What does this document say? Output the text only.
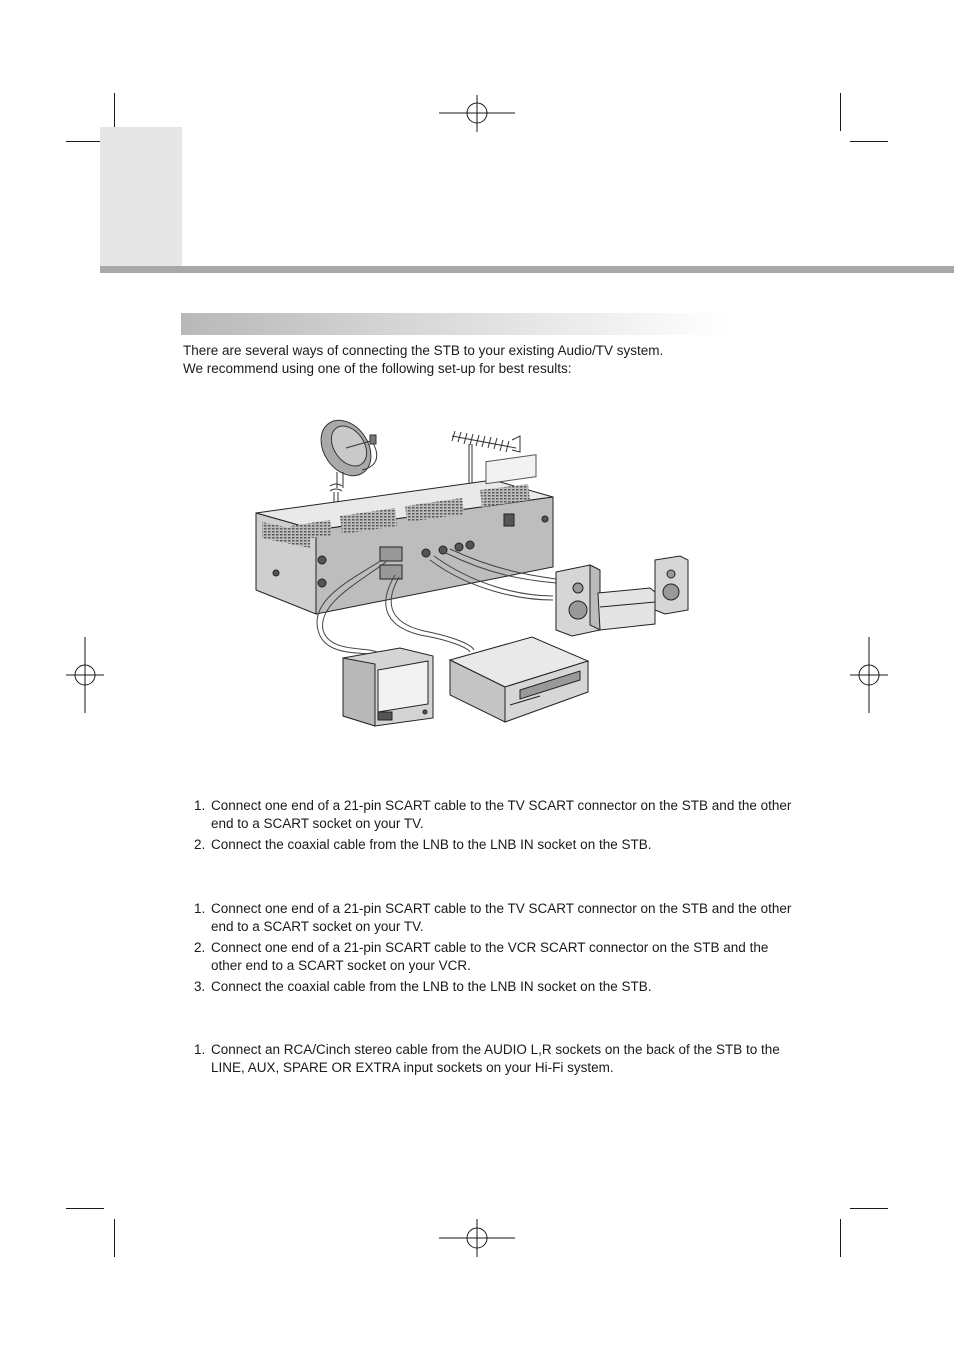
There are several ways of connecting the STB to your existing Audio/TV system.

We recommend using one of the following set-up for best results:

1. Connect one end of a 21-pin SCART cable to the TV SCART connector on the STB and the other end to a SCART socket on your TV.
2. Connect the coaxial cable from the LNB to the LNB IN socket on the STB.
1. Connect one end of a 21-pin SCART cable to the TV SCART connector on the STB and the other end to a SCART socket on your TV.
2. Connect one end of a 21-pin SCART cable to the VCR SCART connector on the STB and the other end to a SCART socket on your VCR.
3. Connect the coaxial cable from the LNB to the LNB IN socket on the STB.
1. Connect an RCA/Cinch stereo cable from the AUDIO L,R sockets on the back of the STB to the LINE, AUX, SPARE OR EXTRA input sockets on your Hi-Fi system.
